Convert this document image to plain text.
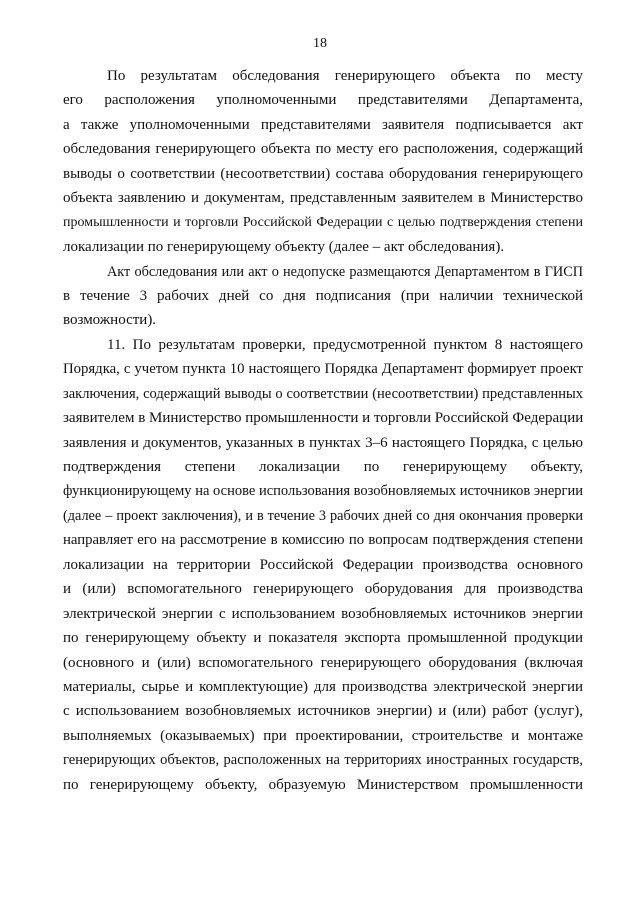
18
По результатам обследования генерирующего объекта по месту
его расположения уполномоченными представителями Департамента,
а также уполномоченными представителями заявителя подписывается акт
обследования генерирующего объекта по месту его расположения, содержащий
выводы о соответствии (несоответствии) состава оборудования генерирующего
объекта заявлению и документам, представленным заявителем в Министерство
промышленности и торговли Российской Федерации с целью подтверждения степени
локализации по генерирующему объекту (далее – акт обследования).
Акт обследования или акт о недопуске размещаются Департаментом в ГИСП
в течение 3 рабочих дней со дня подписания (при наличии технической
возможности).
11. По результатам проверки, предусмотренной пунктом 8 настоящего
Порядка, с учетом пункта 10 настоящего Порядка Департамент формирует проект
заключения, содержащий выводы о соответствии (несоответствии) представленных
заявителем в Министерство промышленности и торговли Российской Федерации
заявления и документов, указанных в пунктах 3–6 настоящего Порядка, с целью
подтверждения степени локализации по генерирующему объекту,
функционирующему на основе использования возобновляемых источников энергии
(далее – проект заключения), и в течение 3 рабочих дней со дня окончания проверки
направляет его на рассмотрение в комиссию по вопросам подтверждения степени
локализации на территории Российской Федерации производства основного
и (или) вспомогательного генерирующего оборудования для производства
электрической энергии с использованием возобновляемых источников энергии
по генерирующему объекту и показателя экспорта промышленной продукции
(основного и (или) вспомогательного генерирующего оборудования (включая
материалы, сырье и комплектующие) для производства электрической энергии
с использованием возобновляемых источников энергии) и (или) работ (услуг),
выполняемых (оказываемых) при проектировании, строительстве и монтаже
генерирующих объектов, расположенных на территориях иностранных государств,
по генерирующему объекту, образуемую Министерством промышленности
